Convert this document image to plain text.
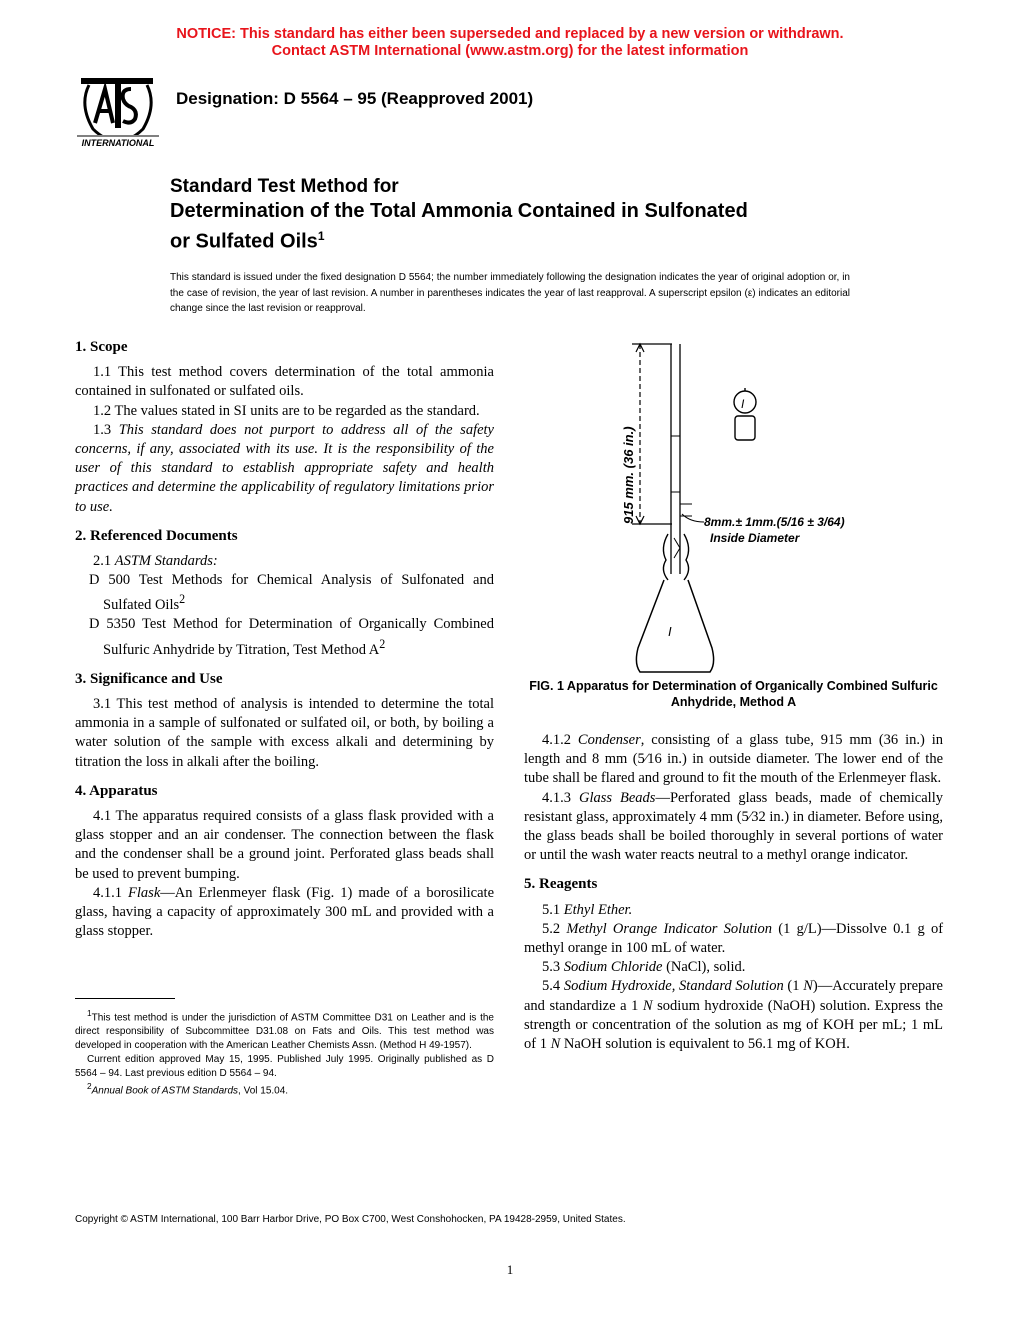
NOTICE: This standard has either been superseded and replaced by a new version or withdrawn.
Contact ASTM International (www.astm.org) for the latest information
INTERNATIONAL
Designation: D 5564 – 95 (Reapproved 2001)
Standard Test Method for
Determination of the Total Ammonia Contained in Sulfonated or Sulfated Oils$^1$
This standard is issued under the fixed designation D 5564; the number immediately following the designation indicates the year of original adoption or, in the case of revision, the year of last revision. A number in parentheses indicates the year of last reapproval. A superscript epsilon (ε) indicates an editorial change since the last revision or reapproval.
1. Scope

1.1 This test method covers determination of the total ammonia contained in sulfonated or sulfated oils.

1.2 The values stated in SI units are to be regarded as the standard.

1.3 This standard does not purport to address all of the safety concerns, if any, associated with its use. It is the responsibility of the user of this standard to establish appropriate safety and health practices and determine the applicability of regulatory limitations prior to use.

2. Referenced Documents

2.1 ASTM Standards:

D 500 Test Methods for Chemical Analysis of Sulfonated and Sulfated Oils$^2$

D 5350 Test Method for Determination of Organically Combined Sulfuric Anhydride by Titration, Test Method $A^2$

3. Significance and Use

3.1 This test method of analysis is intended to determine the total ammonia in a sample of sulfonated or sulfated oil, or both, by boiling a water solution of the sample with excess alkali and determining by titration the loss in alkali after the boiling.

4. Apparatus

4.1 The apparatus required consists of a glass flask provided with a glass stopper and an air condenser. The connection between the flask and the condenser shall be a ground joint. Perforated glass beads shall be used to prevent bumping.

4.1.1 Flask—An Erlenmeyer flask (Fig. 1) made of a borosilicate glass, having a capacity of approximately 300 mL and provided with a glass stopper.

$^1$This test method is under the jurisdiction of ASTM Committee D31 on Leather and is the direct responsibility of Subcommittee D31.08 on Fats and Oils. This test method was developed in cooperation with the American Leather Chemists Assn. (Method H 49-1957).

Current edition approved May 15, 1995. Published July 1995. Originally published as D 5564 – 94. Last previous edition D 5564 – 94.

$^2$Annual Book of ASTM Standards, Vol 15.04.

915 mm. (36 in.)
I
I
8mm.± 1mm.(5/16 ± 3/64)
Inside Diameter
FIG. 1 Apparatus for Determination of Organically Combined Sulfuric Anhydride, Method A

4.1.2 Condenser, consisting of a glass tube, 915 mm (36 in.) in length and 8 mm (5⁄16 in.) in outside diameter. The lower end of the tube shall be flared and ground to fit the mouth of the Erlenmeyer flask.

4.1.3 Glass Beads—Perforated glass beads, made of chemically resistant glass, approximately 4 mm (5⁄32 in.) in diameter. Before using, the glass beads shall be boiled thoroughly in several portions of water or until the wash water reacts neutral to a methyl orange indicator.

5. Reagents

5.1 Ethyl Ether.

5.2 Methyl Orange Indicator Solution (1 g/L)—Dissolve 0.1 g of methyl orange in 100 mL of water.

5.3 Sodium Chloride (NaCl), solid.

5.4 Sodium Hydroxide, Standard Solution (1 N)—Accurately prepare and standardize a 1 N sodium hydroxide (NaOH) solution. Express the strength or concentration of the solution as mg of KOH per mL; 1 mL of 1 N NaOH solution is equivalent to 56.1 mg of KOH.

Copyright © ASTM International, 100 Barr Harbor Drive, PO Box C700, West Conshohocken, PA 19428-2959, United States.
1
